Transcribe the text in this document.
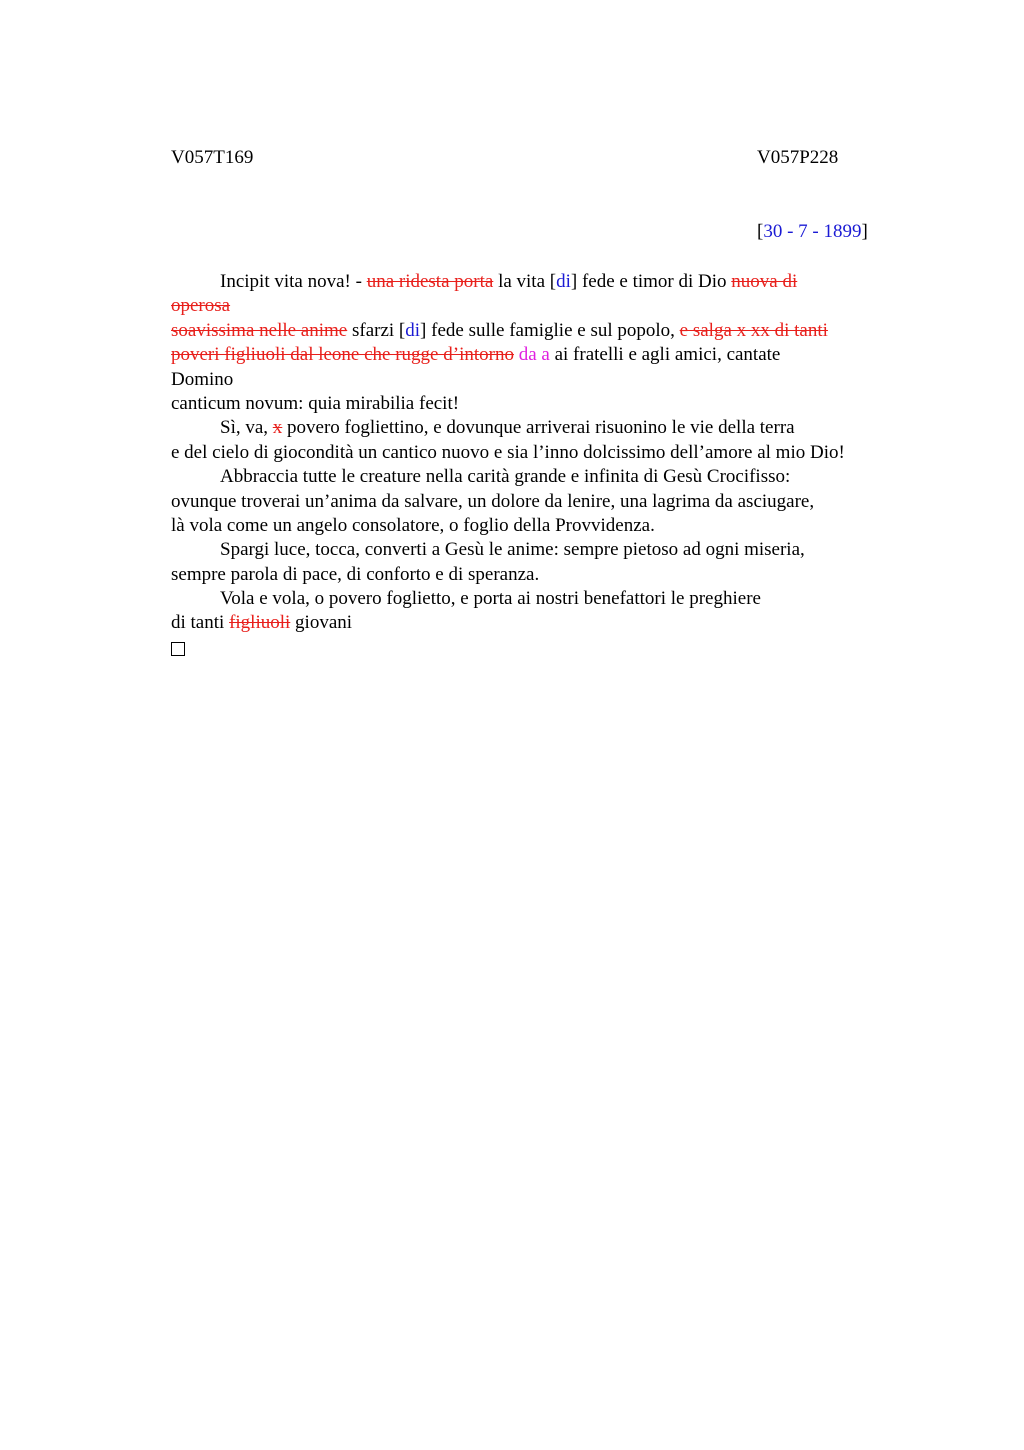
V057T169	V057P228
[30 - 7 - 1899]
Incipit vita nova! - una ridesta porta la vita [di] fede e timor di Dio nuova di
operosa
soavissima nelle anime sfarzi [di] fede sulle famiglie e sul popolo, e salga x xx di tanti
poveri figliuoli dal leone che rugge d’intorno da a ai fratelli e agli amici, cantate
Domino
canticum novum: quia mirabilia fecit!
Sì, va, x povero fogliettino, e dovunque arriverai risuonino le vie della terra
e del cielo di giocondità un cantico nuovo e sia l’inno dolcissimo dell’amore al mio Dio!
Abbraccia tutte le creature nella carità grande e infinita di Gesù Crocifisso:
ovunque troverai un’anima da salvare, un dolore da lenire, una lagrima da asciugare,
là vola come un angelo consolatore, o foglio della Provvidenza.
Spargi luce, tocca, converti a Gesù le anime: sempre pietoso ad ogni miseria,
sempre parola di pace, di conforto e di speranza.
Vola e vola, o povero foglietto, e porta ai nostri benefattori le preghiere
di tanti figliuoli giovani
